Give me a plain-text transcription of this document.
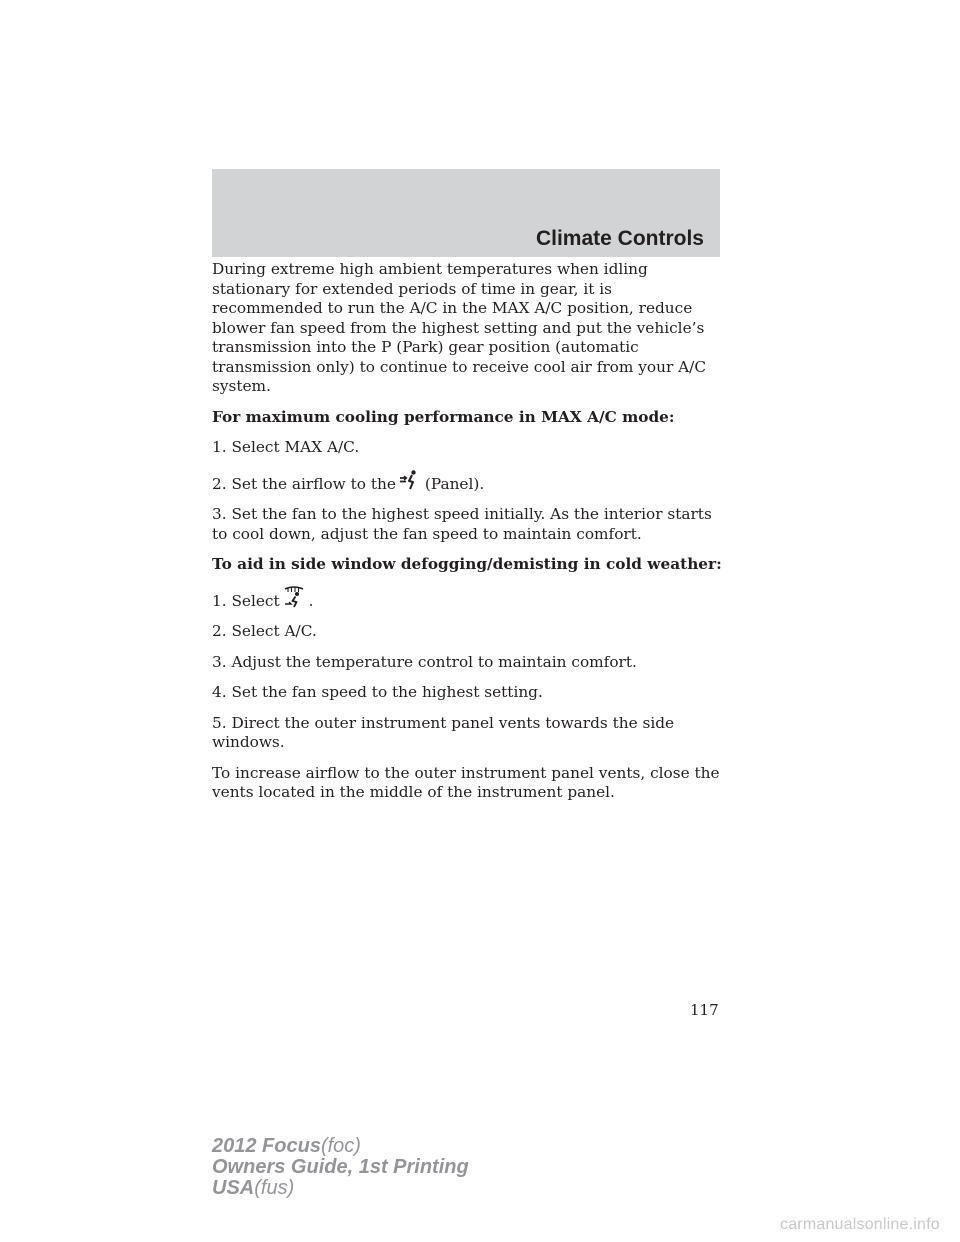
Climate Controls

During extreme high ambient temperatures when idling stationary for extended periods of time in gear, it is recommended to run the A/C in the MAX A/C position, reduce blower fan speed from the highest setting and put the vehicle’s transmission into the P (Park) gear position (automatic transmission only) to continue to receive cool air from your A/C system.

For maximum cooling performance in MAX A/C mode:

1. Select MAX A/C.

2. Set the airflow to the (Panel).

3. Set the fan to the highest speed initially. As the interior starts to cool down, adjust the fan speed to maintain comfort.

To aid in side window defogging/demisting in cold weather:

1. Select .

2. Select A/C.

3. Adjust the temperature control to maintain comfort.

4. Set the fan speed to the highest setting.

5. Direct the outer instrument panel vents towards the side windows.

To increase airflow to the outer instrument panel vents, close the vents located in the middle of the instrument panel.

117
2012 Focus(foc)
Owners Guide, 1st Printing
USA(fus)
carmanualsonline.info
